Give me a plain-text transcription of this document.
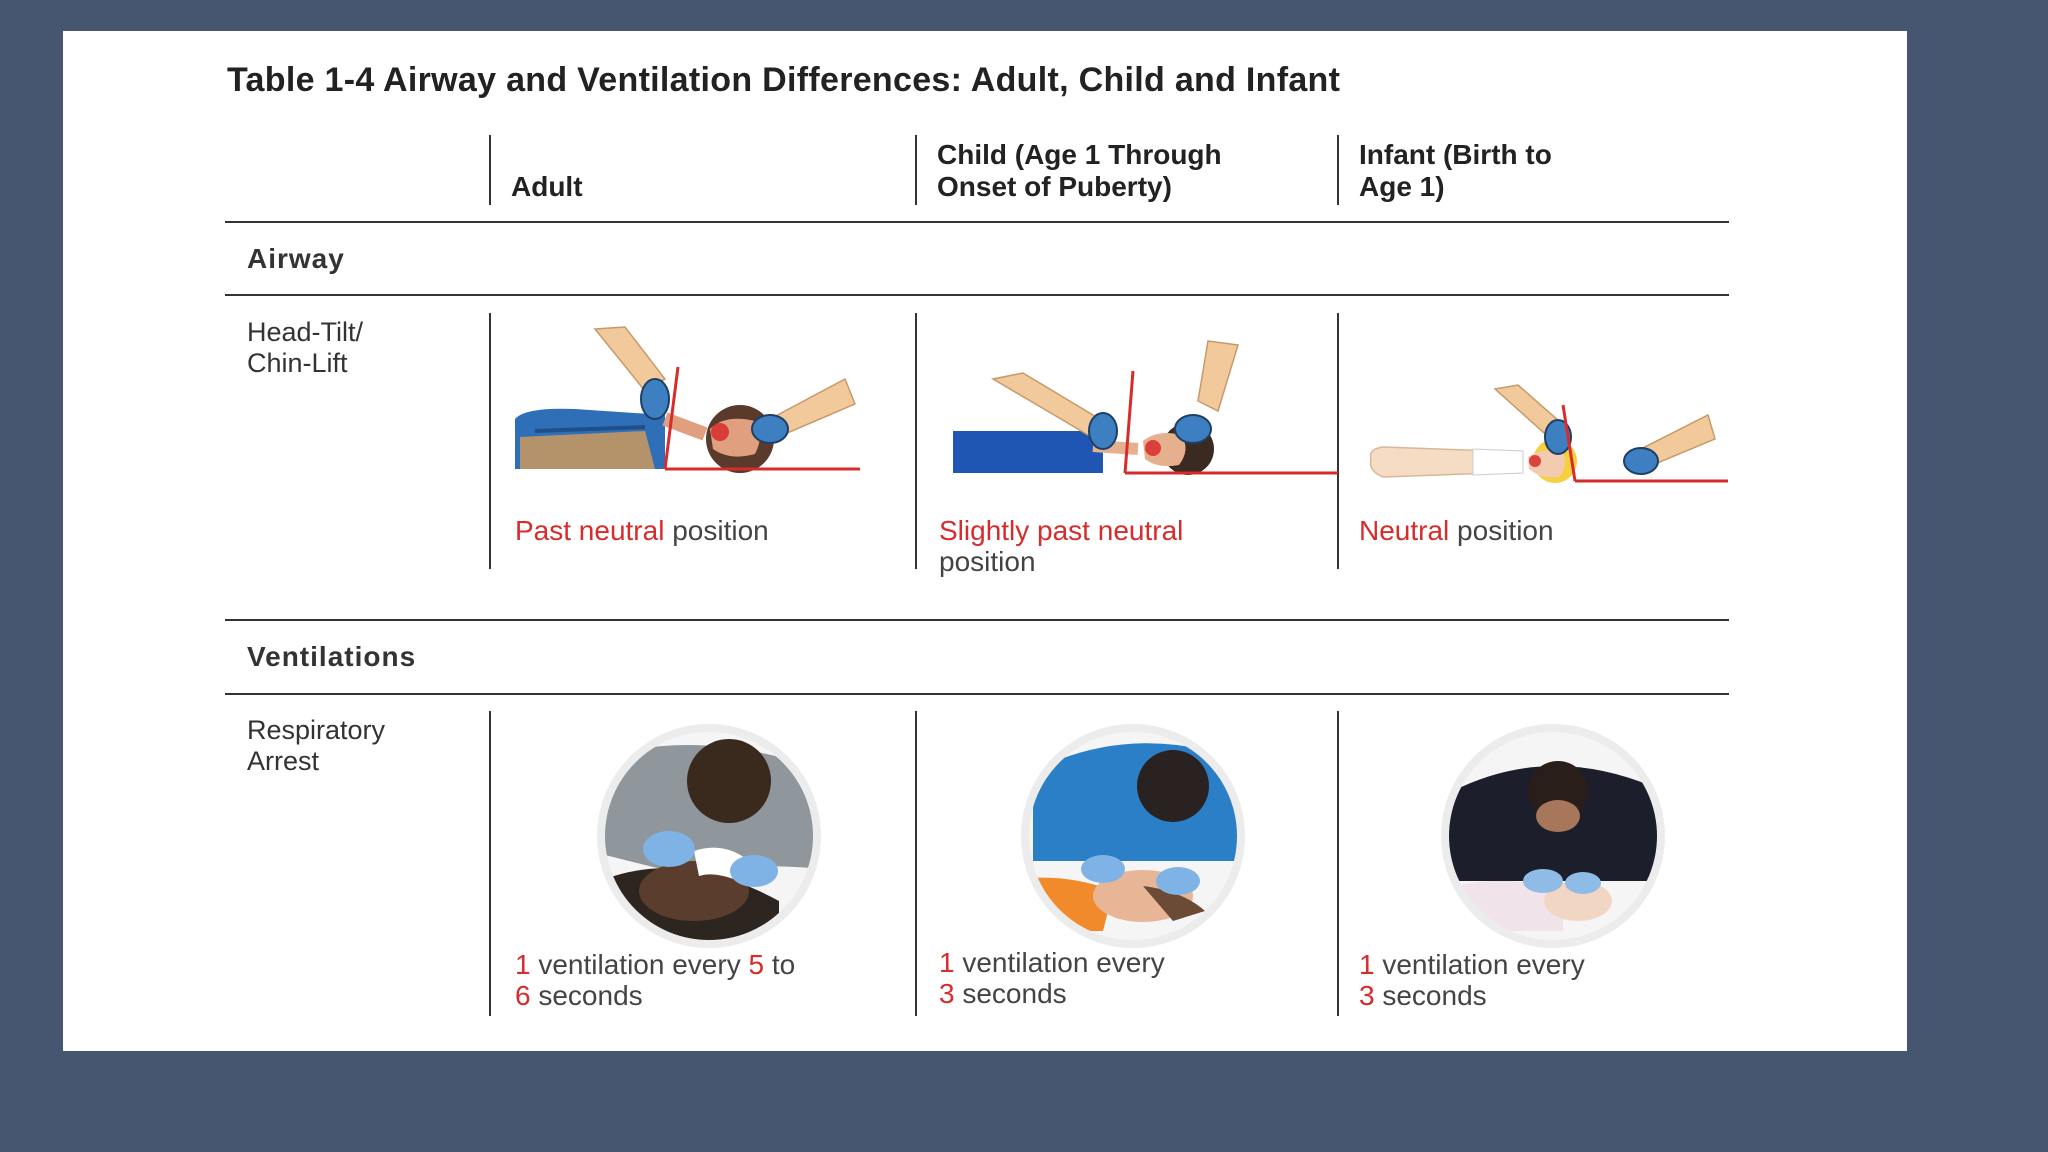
Table 1-4 Airway and Ventilation Differences: Adult, Child and Infant
Adult
Child (Age 1 Through
Onset of Puberty)
Infant (Birth to
Age 1)
Airway
Head-Tilt/
Chin-Lift
Past neutral position	Slightly past neutral
position
Neutral position
Ventilations
Respiratory
Arrest
1 ventilation every 5 to
6 seconds
1 ventilation every
3 seconds
1 ventilation every
3 seconds
